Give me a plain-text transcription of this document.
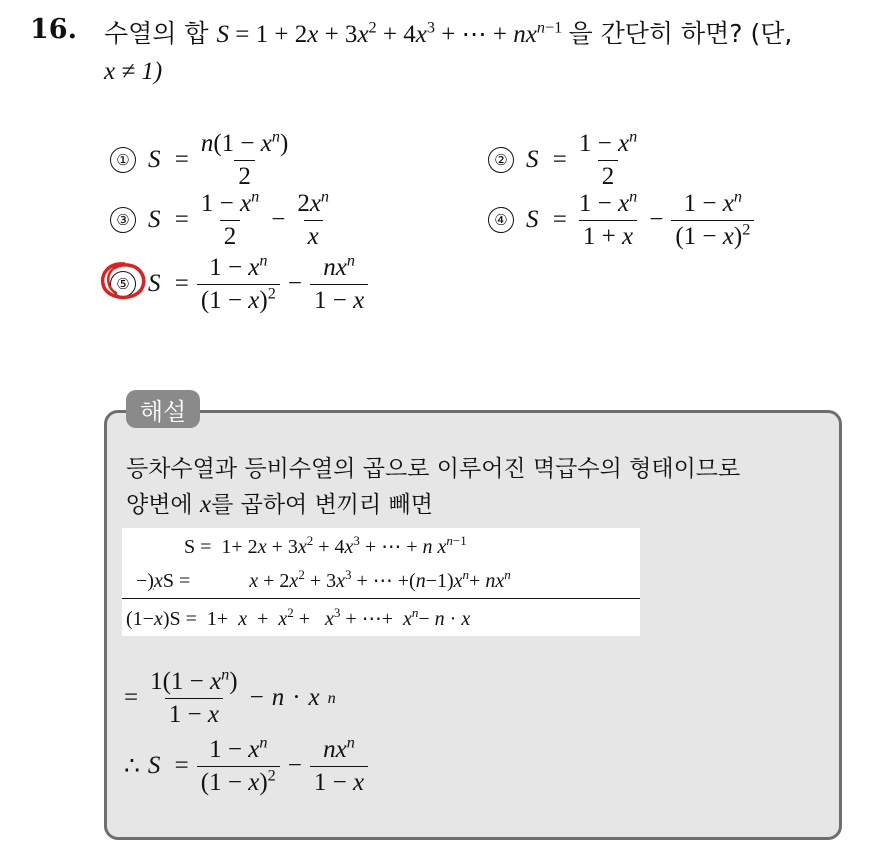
16. 수열의 합 $S = 1 + 2x + 3x^2 + 4x^3$ + ⋯ + $nx^{n-1}$ 을 간단히 하면? (단,
x ≠ 1)
① $S = \frac{n(1 - x^n)}{2}$	② $S = \frac{1 - x^n}{2}$
③ $S = \frac{1 - x^n}{2} - \frac{2x^n}{x}$	④ $S = \frac{1 - x^n}{1 + x} - \frac{1 - x^n}{(1 - x)^2}$
⑤ $S = \frac{1 - x^n}{(1 - x)^2} - \frac{nx^n}{1 - x}$
해설
등차수열과 등비수열의 곱으로 이루어진 멱급수의 형태이므로
양변에 x를 곱하여 변끼리 빼면
$S = 1+ 2x + 3x^2 + 4x^3$ + ⋯ + n $x^{n-1}$
−)xS =	$x + 2x^2 + 3x^3$ + ⋯ $+(n-1)x^n+ nx^n$
$(1-x)S = 1+ x + x^2 + x^3$ + ⋯+  $x^n- n \cdot x$
= $\frac{1(1 - x^n)}{1 - x} - n \cdot x$ n
∴ $S = \frac{1 - x^n}{(1 - x)^2} - \frac{nx^n}{1 - x}$
